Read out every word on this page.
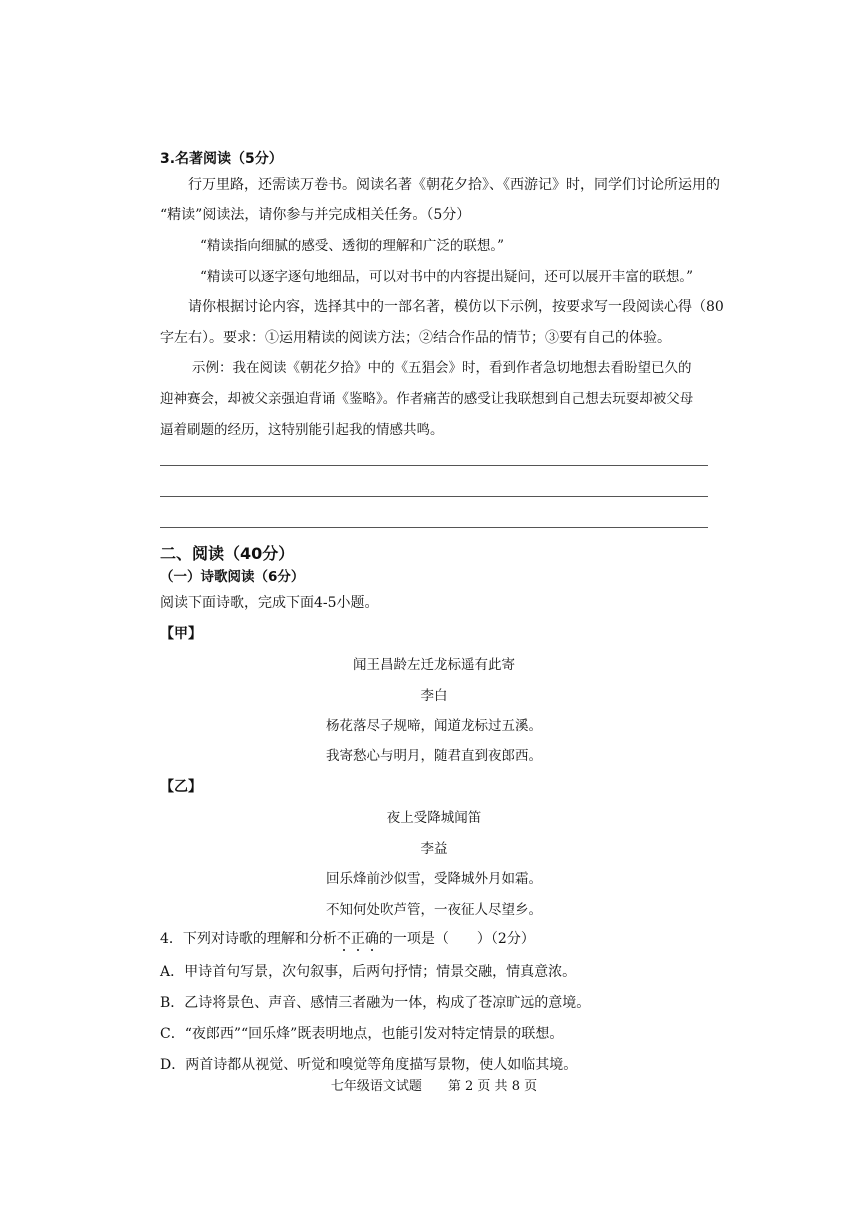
3.名著阅读（5分）
行万里路，还需读万卷书。阅读名著《朝花夕拾》、《西游记》时，同学们讨论所运用的
“精读”阅读法，请你参与并完成相关任务。（5分）
“精读指向细腻的感受、透彻的理解和广泛的联想。”
“精读可以逐字逐句地细品，可以对书中的内容提出疑问，还可以展开丰富的联想。”
请你根据讨论内容，选择其中的一部名著，模仿以下示例，按要求写一段阅读心得（80
字左右）。要求：①运用精读的阅读方法；②结合作品的情节；③要有自己的体验。
示例：我在阅读《朝花夕拾》中的《五猖会》时，看到作者急切地想去看盼望已久的
迎神赛会，却被父亲强迫背诵《鉴略》。作者痛苦的感受让我联想到自己想去玩耍却被父母
逼着刷题的经历，这特别能引起我的情感共鸣。
二、阅读（40分）
（一）诗歌阅读（6分）
阅读下面诗歌，完成下面4-5小题。
【甲】
闻王昌龄左迁龙标遥有此寄
李白
杨花落尽子规啼，闻道龙标过五溪。
我寄愁心与明月，随君直到夜郎西。
【乙】
夜上受降城闻笛
李益
回乐烽前沙似雪，受降城外月如霜。
不知何处吹芦管，一夜征人尽望乡。
4．下列对诗歌的理解和分析不正确的一项是（　　）（2分）
A．甲诗首句写景，次句叙事，后两句抒情；情景交融，情真意浓。
B．乙诗将景色、声音、感情三者融为一体，构成了苍凉旷远的意境。
C．“夜郎西”“回乐烽”既表明地点，也能引发对特定情景的联想。
D．两首诗都从视觉、听觉和嗅觉等角度描写景物，使人如临其境。
七年级语文试题　　第 2 页 共 8 页
